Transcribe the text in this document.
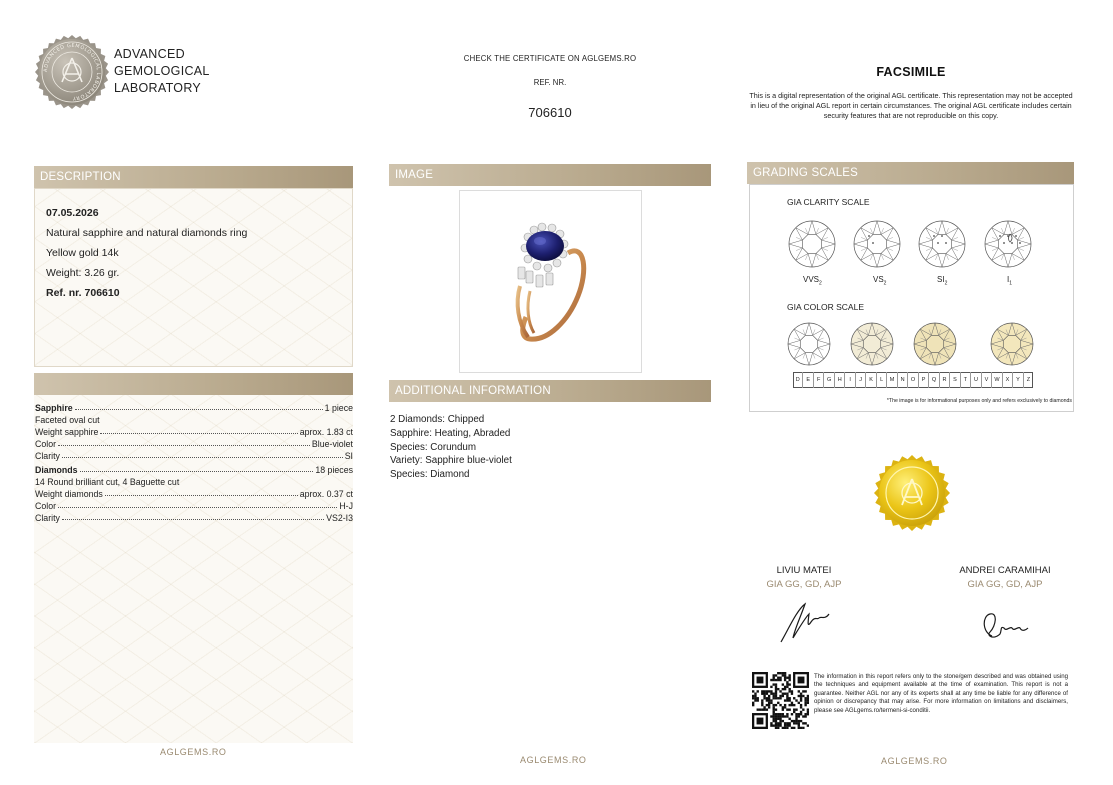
ADVANCED GEMOLOGICAL LABORATORY
ADVANCED
GEMOLOGICAL
LABORATORY
CHECK THE CERTIFICATE ON AGLGEMS.RO
REF. NR.
706610
FACSIMILE
This is a digital representation of the original AGL certificate. This representation may not be accepted in lieu of the original AGL report in certain circumstances. The original AGL certificate includes certain security features that are not reproducible on this copy.
DESCRIPTION
07.05.2026
Natural sapphire and natural diamonds ring
Yellow gold 14k
Weight: 3.26 gr.
Ref. nr. 706610
Sapphire	1 piece
Faceted oval cut
Weight sapphire	aprox. 1.83 ct
Color	Blue-violet
Clarity	SI
Diamonds	18 pieces
14 Round brilliant cut, 4 Baguette cut
Weight diamonds	aprox. 0.37 ct
Color	H-J
Clarity	VS2-I3
AGLGEMS.RO
IMAGE
ADDITIONAL INFORMATION
2 Diamonds: Chipped
Sapphire: Heating, Abraded
Species: Corundum
Variety: Sapphire blue-violet
Species: Diamond
AGLGEMS.RO
GRADING SCALES
GIA CLARITY SCALE
$VVS_2$	$VS_2$	$SI_2$	$I_1$
GIA COLOR SCALE
D	E	F	G	H	I	J	K	L	M	N	O	P	Q	R	S	T	U	V	W	X	Y	Z
*The image is for informational purposes only and refers exclusively to diamonds
LIVIU MATEI
GIA GG, GD, AJP
ANDREI CARAMIHAI
GIA GG, GD, AJP
The information in this report refers only to the stone/gem described and was obtained using the techniques and equipment available at the time of examination. This report is not a guarantee. Neither AGL nor any of its experts shall at any time be liable for any difference of opinion or discrepancy that may arise. For more information on limitations and disclaimers, please see AGLgems.ro/termeni-si-conditii.
AGLGEMS.RO
